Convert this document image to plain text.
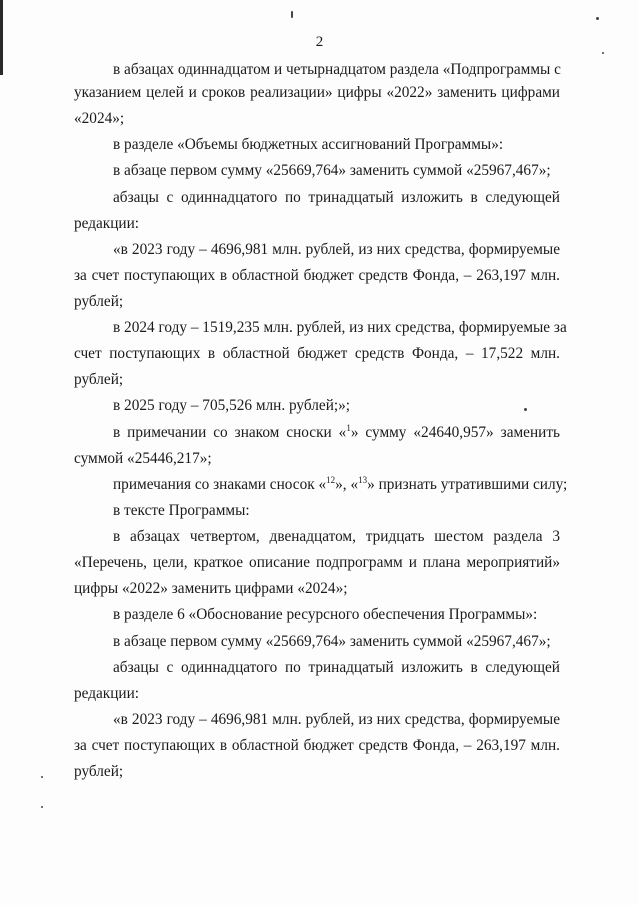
2
в абзацах одиннадцатом и четырнадцатом раздела «Подпрограммы с
указанием целей и сроков реализации» цифры «2022» заменить цифрами
«2024»;
в разделе «Объемы бюджетных ассигнований Программы»:
в абзаце первом сумму «25669,764» заменить суммой «25967,467»;
абзацы с одиннадцатого по тринадцатый изложить в следующей
редакции:
«в 2023 году – 4696,981 млн. рублей, из них средства, формируемые
за счет поступающих в областной бюджет средств Фонда, – 263,197 млн.
рублей;
в 2024 году – 1519,235 млн. рублей, из них средства, формируемые за
счет поступающих в областной бюджет средств Фонда, – 17,522 млн.
рублей;
в 2025 году – 705,526 млн. рублей;»;
в примечании со знаком сноски «$^1$» сумму «24640,957» заменить
суммой «25446,217»;
примечания со знаками сносок «$^{12}$», «$^{13}$» признать утратившими силу;
в тексте Программы:
в абзацах четвертом, двенадцатом, тридцать шестом раздела 3
«Перечень, цели, краткое описание подпрограмм и плана мероприятий»
цифры «2022» заменить цифрами «2024»;
в разделе 6 «Обоснование ресурсного обеспечения Программы»:
в абзаце первом сумму «25669,764» заменить суммой «25967,467»;
абзацы с одиннадцатого по тринадцатый изложить в следующей
редакции:
«в 2023 году – 4696,981 млн. рублей, из них средства, формируемые
за счет поступающих в областной бюджет средств Фонда, – 263,197 млн.
рублей;
